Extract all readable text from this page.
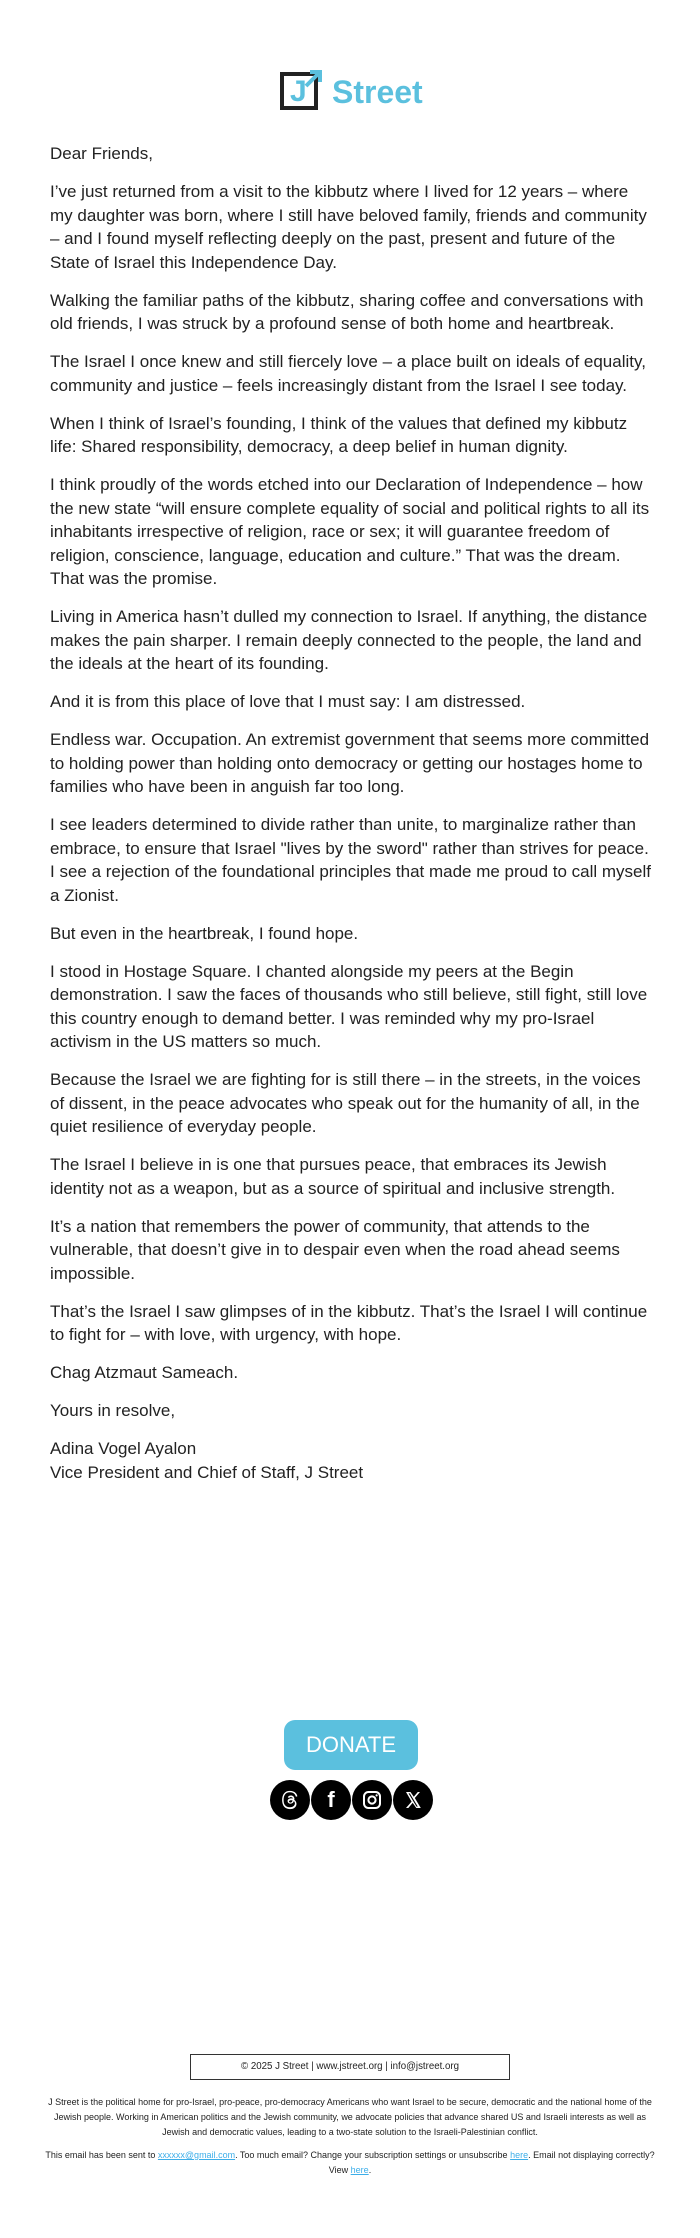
J Street

Dear Friends,

I’ve just returned from a visit to the kibbutz where I lived for 12 years – where my daughter was born, where I still have beloved family, friends and community – and I found myself reflecting deeply on the past, present and future of the State of Israel this Independence Day.

Walking the familiar paths of the kibbutz, sharing coffee and conversations with old friends, I was struck by a profound sense of both home and heartbreak.

The Israel I once knew and still fiercely love – a place built on ideals of equality, community and justice – feels increasingly distant from the Israel I see today.

When I think of Israel’s founding, I think of the values that defined my kibbutz life: Shared responsibility, democracy, a deep belief in human dignity.

I think proudly of the words etched into our Declaration of Independence – how the new state “will ensure complete equality of social and political rights to all its inhabitants irrespective of religion, race or sex; it will guarantee freedom of religion, conscience, language, education and culture.” That was the dream. That was the promise.

Living in America hasn’t dulled my connection to Israel. If anything, the distance makes the pain sharper. I remain deeply connected to the people, the land and the ideals at the heart of its founding.

And it is from this place of love that I must say: I am distressed.

Endless war. Occupation. An extremist government that seems more committed to holding power than holding onto democracy or getting our hostages home to families who have been in anguish far too long.

I see leaders determined to divide rather than unite, to marginalize rather than embrace, to ensure that Israel "lives by the sword" rather than strives for peace. I see a rejection of the foundational principles that made me proud to call myself a Zionist.

But even in the heartbreak, I found hope.

I stood in Hostage Square. I chanted alongside my peers at the Begin demonstration. I saw the faces of thousands who still believe, still fight, still love this country enough to demand better. I was reminded why my pro-Israel activism in the US matters so much.

Because the Israel we are fighting for is still there – in the streets, in the voices of dissent, in the peace advocates who speak out for the humanity of all, in the quiet resilience of everyday people.

The Israel I believe in is one that pursues peace, that embraces its Jewish identity not as a weapon, but as a source of spiritual and inclusive strength.

It’s a nation that remembers the power of community, that attends to the vulnerable, that doesn’t give in to despair even when the road ahead seems impossible.

That’s the Israel I saw glimpses of in the kibbutz. That’s the Israel I will continue to fight for – with love, with urgency, with hope.

Chag Atzmaut Sameach.

Yours in resolve,

Adina Vogel Ayalon
Vice President and Chief of Staff, J Street

DONATE
f
© 2025 J Street | www.jstreet.org | info@jstreet.org
J Street is the political home for pro-Israel, pro-peace, pro-democracy Americans who want Israel to be secure, democratic and the national home of the Jewish people. Working in American politics and the Jewish community, we advocate policies that advance shared US and Israeli interests as well as Jewish and democratic values, leading to a two-state solution to the Israeli-Palestinian conflict.
This email has been sent to xxxxxx@gmail.com. Too much email? Change your subscription settings or unsubscribe here. Email not displaying correctly? View here.
